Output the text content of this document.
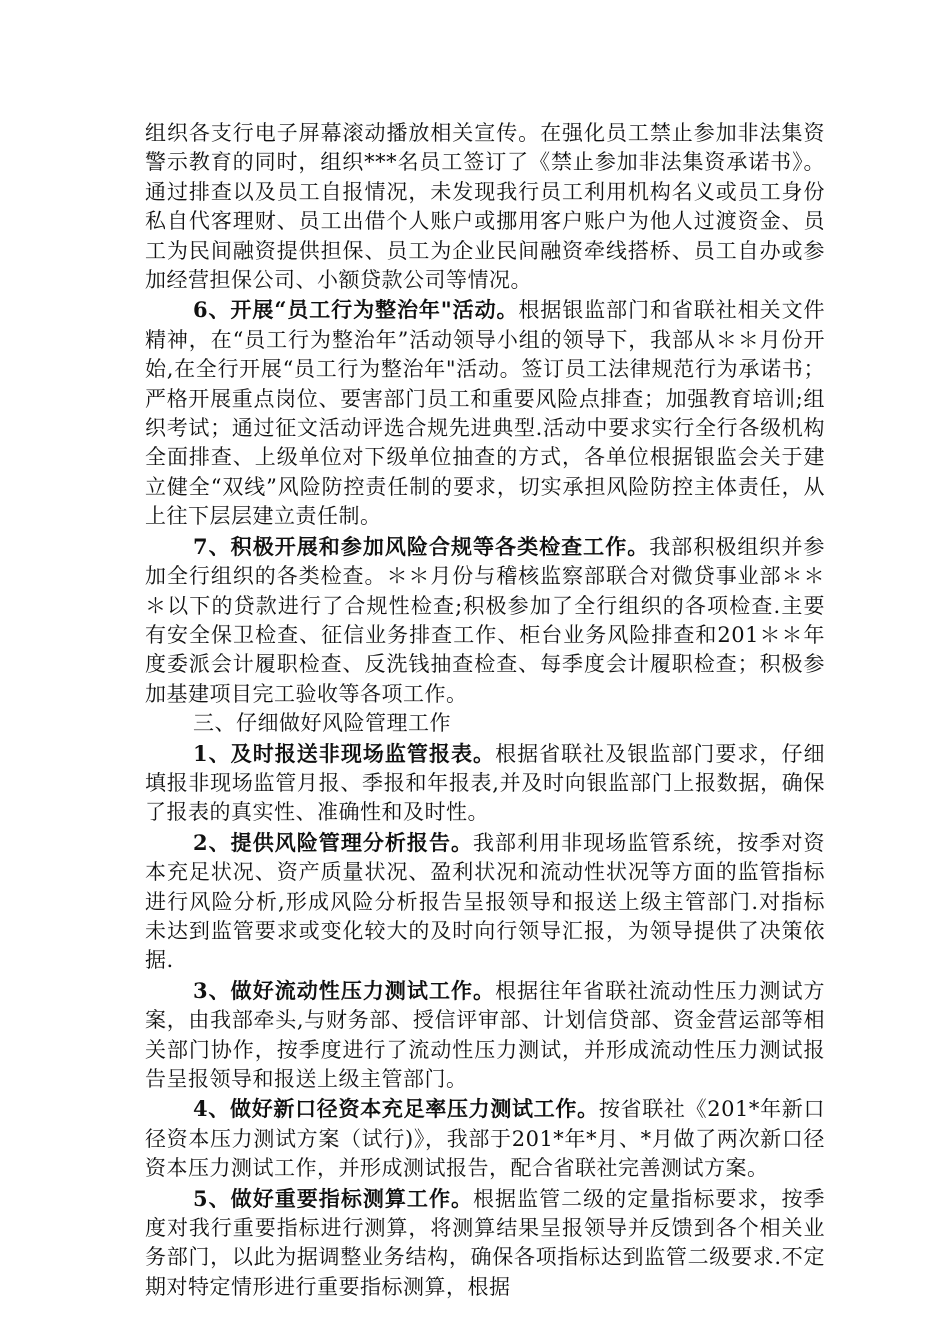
组织各支行电子屏幕滚动播放相关宣传。在强化员工禁止参加非法集资警示教育的同时，组织***名员工签订了《禁止参加非法集资承诺书》。通过排查以及员工自报情况，未发现我行员工利用机构名义或员工身份私自代客理财、员工出借个人账户或挪用客户账户为他人过渡资金、员工为民间融资提供担保、员工为企业民间融资牵线搭桥、员工自办或参加经营担保公司、小额贷款公司等情况。

6、开展“员工行为整治年"活动。根据银监部门和省联社相关文件精神，在“员工行为整治年”活动领导小组的领导下，我部从＊＊月份开始,在全行开展“员工行为整治年"活动。签订员工法律规范行为承诺书；严格开展重点岗位、要害部门员工和重要风险点排查；加强教育培训;组织考试；通过征文活动评选合规先进典型.活动中要求实行全行各级机构全面排查、上级单位对下级单位抽查的方式，各单位根据银监会关于建立健全“双线”风险防控责任制的要求，切实承担风险防控主体责任，从上往下层层建立责任制。

7、积极开展和参加风险合规等各类检查工作。我部积极组织并参加全行组织的各类检查。＊＊月份与稽核监察部联合对微贷事业部＊＊＊以下的贷款进行了合规性检查;积极参加了全行组织的各项检查.主要有安全保卫检查、征信业务排查工作、柜台业务风险排查和201＊＊年度委派会计履职检查、反洗钱抽查检查、每季度会计履职检查；积极参加基建项目完工验收等各项工作。

三、仔细做好风险管理工作

1、及时报送非现场监管报表。根据省联社及银监部门要求，仔细填报非现场监管月报、季报和年报表,并及时向银监部门上报数据，确保了报表的真实性、准确性和及时性。

2、提供风险管理分析报告。我部利用非现场监管系统，按季对资本充足状况、资产质量状况、盈利状况和流动性状况等方面的监管指标进行风险分析,形成风险分析报告呈报领导和报送上级主管部门.对指标未达到监管要求或变化较大的及时向行领导汇报，为领导提供了决策依据.

3、做好流动性压力测试工作。根据往年省联社流动性压力测试方案，由我部牵头,与财务部、授信评审部、计划信贷部、资金营运部等相关部门协作，按季度进行了流动性压力测试，并形成流动性压力测试报告呈报领导和报送上级主管部门。

4、做好新口径资本充足率压力测试工作。按省联社《201*年新口径资本压力测试方案（试行)》，我部于201*年*月、*月做了两次新口径资本压力测试工作，并形成测试报告，配合省联社完善测试方案。

5、做好重要指标测算工作。根据监管二级的定量指标要求，按季度对我行重要指标进行测算，将测算结果呈报领导并反馈到各个相关业务部门，以此为据调整业务结构，确保各项指标达到监管二级要求.不定期对特定情形进行重要指标测算，根据
